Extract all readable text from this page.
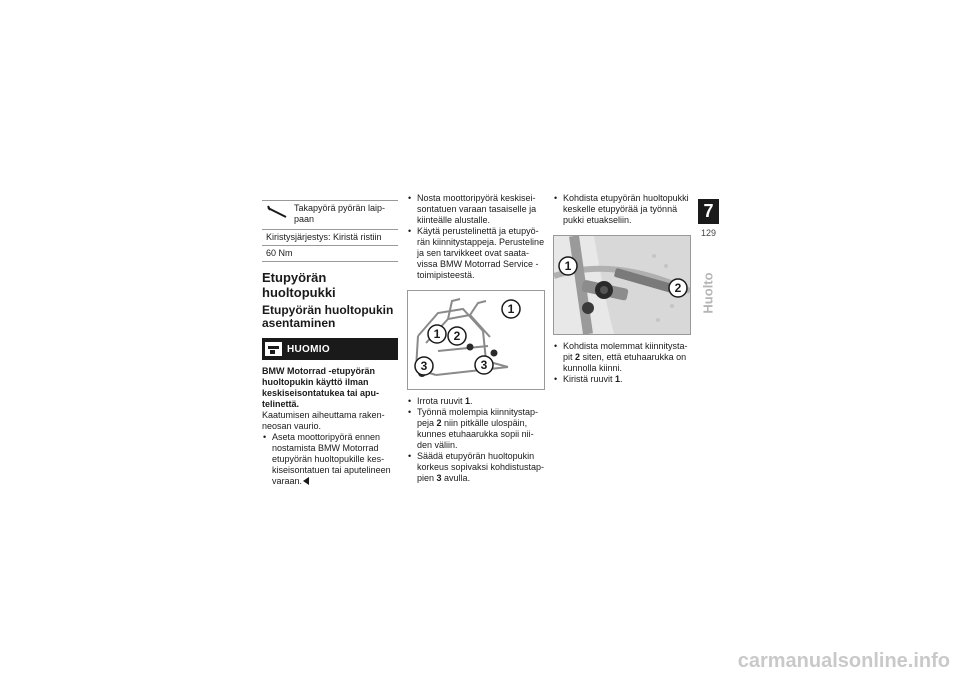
Takapyörä pyörän laip-paan
Kiristysjärjestys: Kiristä ristiin
60 Nm
Etupyörän huoltopukki
Etupyörän huoltopukin asentaminen
HUOMIO

BMW Motorrad -etupyörän huoltopukin käyttö ilman keskiseisontatukea tai apu-telinettä.

Kaatumisen aiheuttama raken-neosan vaurio.

• Aseta moottoripyörä ennen nostamista BMW Motorrad etupyörän huoltopukille kes-kiseisontatuen tai aputelineen varaan.
• Nosta moottoripyörä keskisei-sontatuen varaan tasaiselle ja kiinteälle alustalle.
• Käytä perustelinettä ja etupyö-rän kiinnitystappeja. Perusteline ja sen tarvikkeet ovat saata-vissa BMW Motorrad Service -toimipisteestä.
1
2
1
3	3
• Irrota ruuvit 1.
• Työnnä molempia kiinnitystap-peja 2 niin pitkälle ulospäin, kunnes etuhaarukka sopii nii-den väliin.
• Säädä etupyörän huoltopukin korkeus sopivaksi kohdistustap-pien 3 avulla.
• Kohdista etupyörän huoltopukki keskelle etupyörää ja työnnä pukki etuakseliin.
1
2
• Kohdista molemmat kiinnitysta-pit 2 siten, että etuhaarukka on kunnolla kiinni.
• Kiristä ruuvit 1.
7
129
Huolto
carmanualsonline.info
